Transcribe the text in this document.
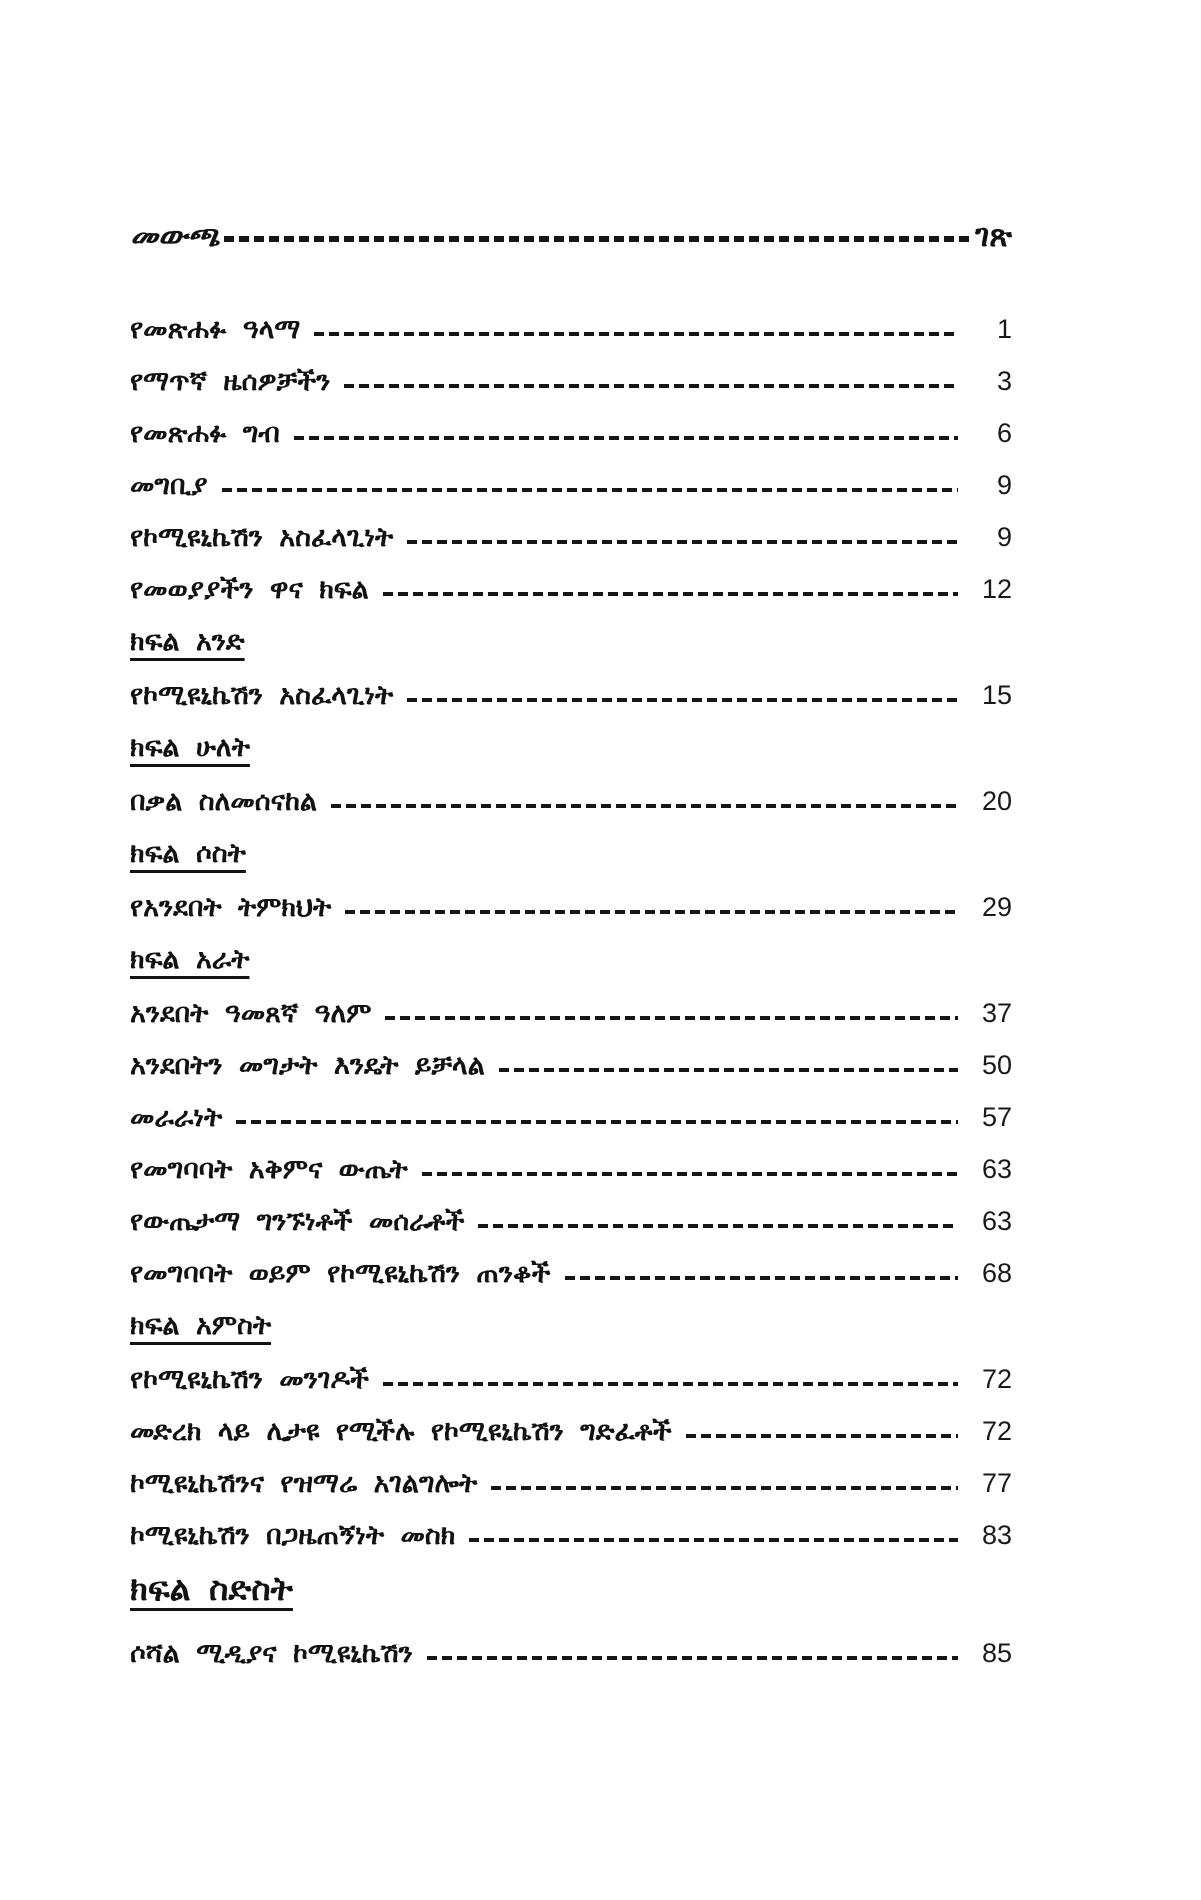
መውጫ	ገጽ
የመጽሐፉ ዓላማ	1
የማጥኛ ዜሰዎቻችን	3
የመጽሐፉ ግብ	6
መግቢያ	9
የኮሚዩኒኬሽን አስፈላጊነት	9
የመወያያችን ዋና ክፍል	12
ክፍል አንድ
የኮሚዩኒኬሽን አስፈላጊነት	15
ክፍል ሁለት
በቃል ስለመሰናከል	20
ክፍል ሶስት
የአንደበት ትምክህት	29
ክፍል አራት
አንደበት ዓመጸኛ ዓለም	37
አንደበትን መግታት እንዴት ይቻላል	50
መራራነት	57
የመግባባት አቅምና ውጤት	63
የውጤታማ ግንኙነቶች መሰራቶች	63
የመግባባት ወይም የኮሚዩኒኬሽን ጠንቆች	68
ክፍል አምስት
የኮሚዩኒኬሽን መንገዶች	72
መድረክ ላይ ሊታዩ የሚችሉ የኮሚዩኒኬሽን ግድፈቶች	72
ኮሚዩኒኬሽንና የዝማሬ አገልግሎት	77
ኮሚዩኒኬሽን በጋዜጠኝነት መስክ	83
ክፍል ስድስት
ሶሻል ሚዲያና ኮሚዩኒኬሽን	85
